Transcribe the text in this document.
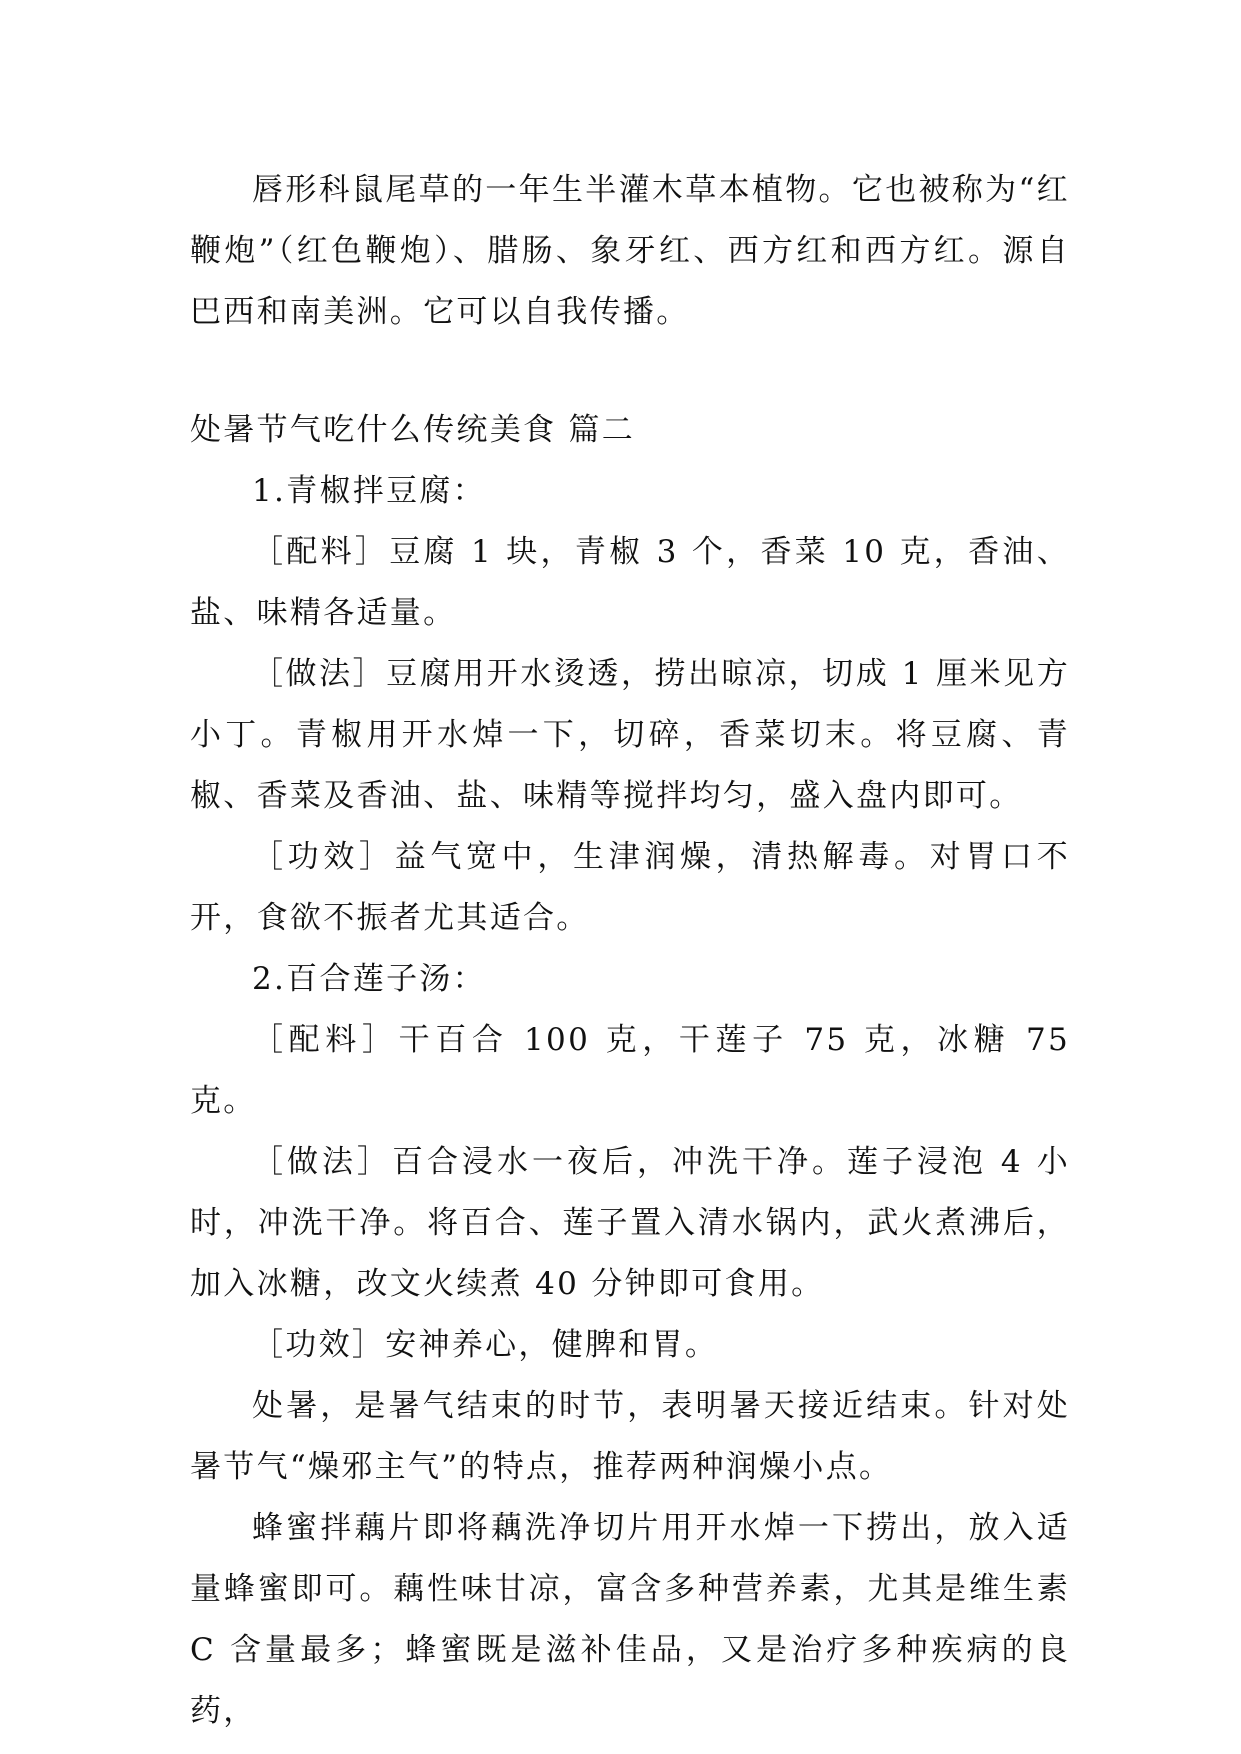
唇形科鼠尾草的一年生半灌木草本植物。它也被称为“红鞭炮”（红色鞭炮）、腊肠、象牙红、西方红和西方红。源自巴西和南美洲。它可以自我传播。

处暑节气吃什么传统美食 篇二

1.青椒拌豆腐：

［配料］豆腐 1 块，青椒 3 个，香菜 10 克，香油、盐、味精各适量。

［做法］豆腐用开水烫透，捞出晾凉，切成 1 厘米见方小丁。青椒用开水焯一下，切碎，香菜切末。将豆腐、青椒、香菜及香油、盐、味精等搅拌均匀，盛入盘内即可。

［功效］益气宽中，生津润燥，清热解毒。对胃口不开，食欲不振者尤其适合。

2.百合莲子汤：

［配料］干百合 100 克，干莲子 75 克，冰糖 75 克。

［做法］百合浸水一夜后，冲洗干净。莲子浸泡 4 小时，冲洗干净。将百合、莲子置入清水锅内，武火煮沸后，加入冰糖，改文火续煮 40 分钟即可食用。

［功效］安神养心，健脾和胃。

处暑，是暑气结束的时节，表明暑天接近结束。针对处暑节气“燥邪主气”的特点，推荐两种润燥小点。

蜂蜜拌藕片即将藕洗净切片用开水焯一下捞出，放入适量蜂蜜即可。藕性味甘凉，富含多种营养素，尤其是维生素 C 含量最多；蜂蜜既是滋补佳品，又是治疗多种疾病的良药，
